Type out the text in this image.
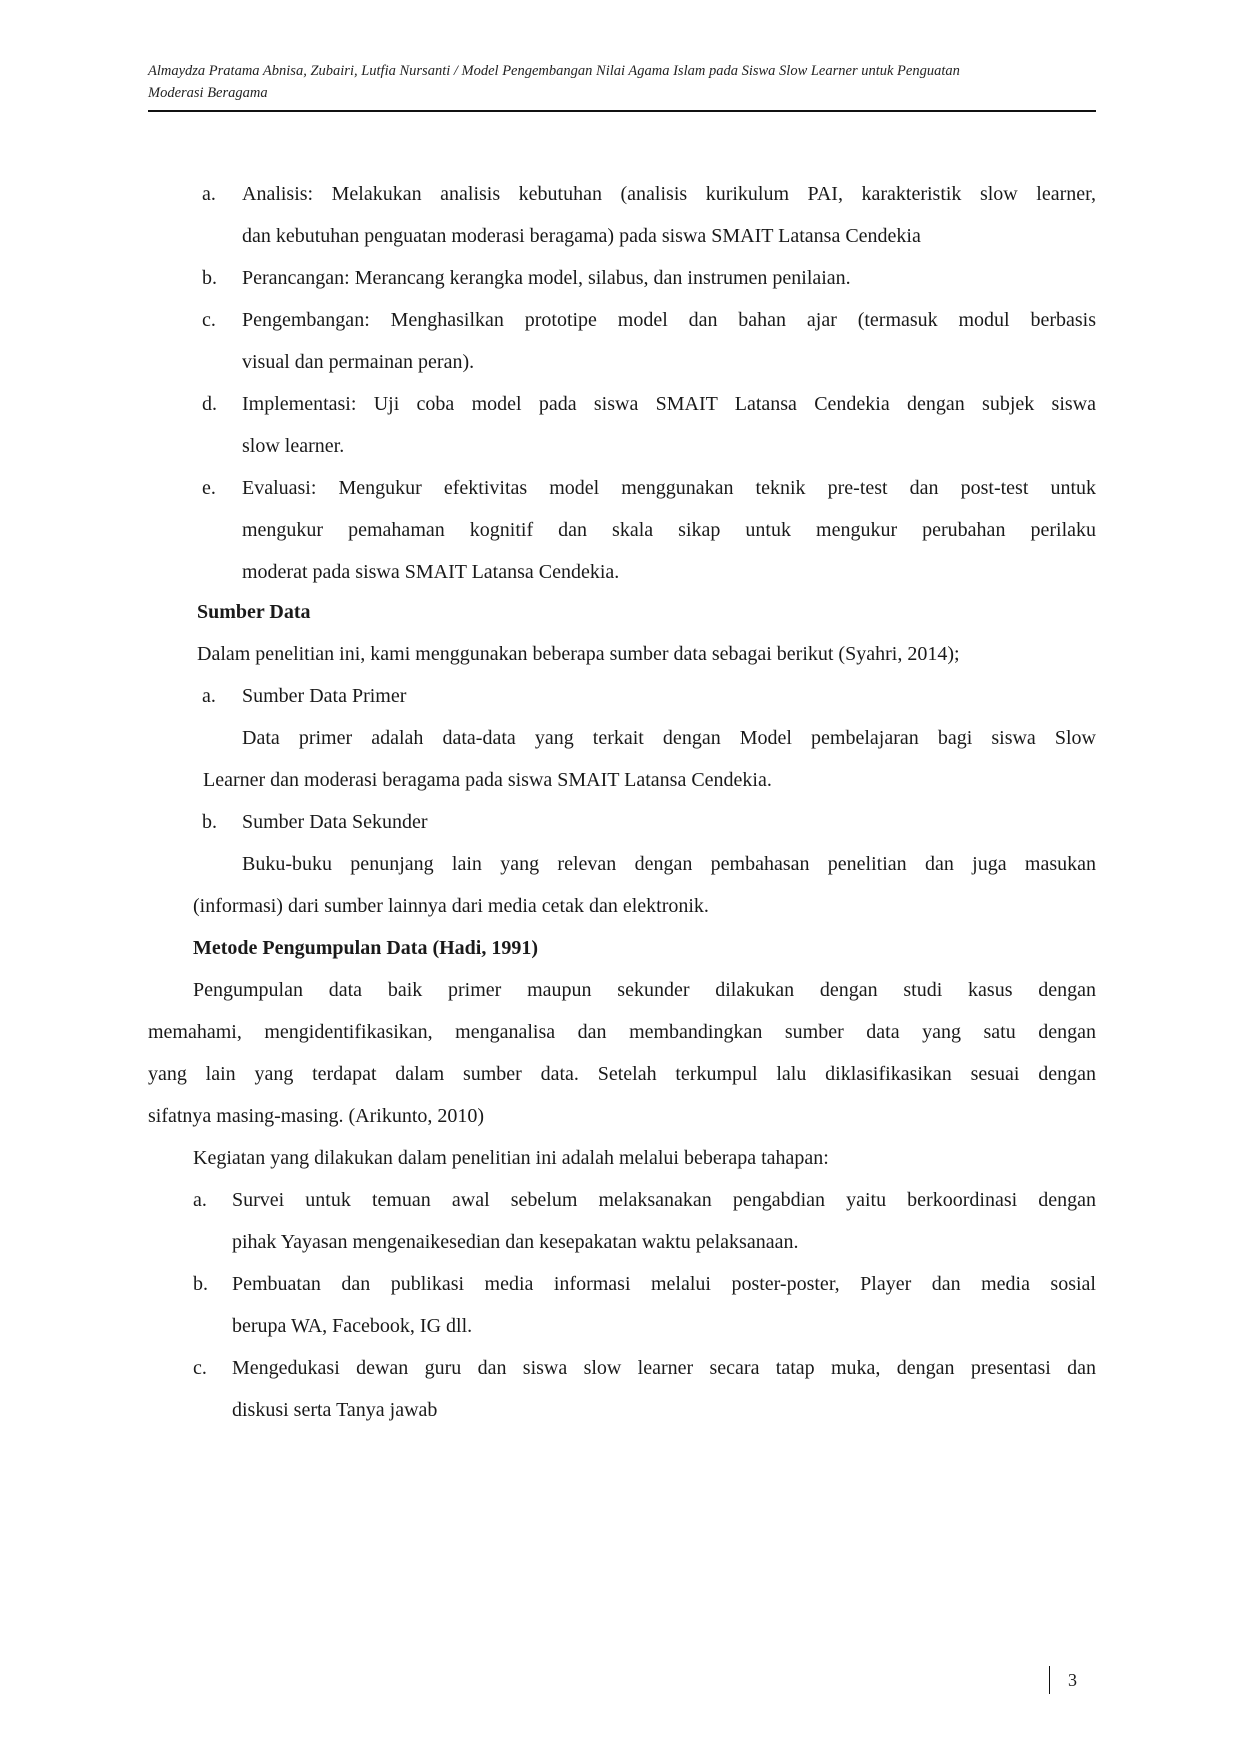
Almaydza Pratama Abnisa, Zubairi, Lutfia Nursanti / Model Pengembangan Nilai Agama Islam pada Siswa Slow Learner untuk Penguatan
Moderasi Beragama
a. Analisis: Melakukan analisis kebutuhan (analisis kurikulum PAI, karakteristik slow learner,
dan kebutuhan penguatan moderasi beragama) pada siswa SMAIT Latansa Cendekia
b. Perancangan: Merancang kerangka model, silabus, dan instrumen penilaian.
c. Pengembangan: Menghasilkan prototipe model dan bahan ajar (termasuk modul berbasis
visual dan permainan peran).
d. Implementasi: Uji coba model pada siswa SMAIT Latansa Cendekia dengan subjek siswa
slow learner.
e. Evaluasi: Mengukur efektivitas model menggunakan teknik pre-test dan post-test untuk
mengukur pemahaman kognitif dan skala sikap untuk mengukur perubahan perilaku
moderat pada siswa SMAIT Latansa Cendekia.
Sumber Data
Dalam penelitian ini, kami menggunakan beberapa sumber data sebagai berikut (Syahri, 2014);
a. Sumber Data Primer
Data primer adalah data-data yang terkait dengan Model pembelajaran bagi siswa Slow
Learner dan moderasi beragama pada siswa SMAIT Latansa Cendekia.
b. Sumber Data Sekunder
Buku-buku penunjang lain yang relevan dengan pembahasan penelitian dan juga masukan
(informasi) dari sumber lainnya dari media cetak dan elektronik.
Metode Pengumpulan Data (Hadi, 1991)
Pengumpulan data baik primer maupun sekunder dilakukan dengan studi kasus dengan
memahami, mengidentifikasikan, menganalisa dan membandingkan sumber data yang satu dengan
yang lain yang terdapat dalam sumber data. Setelah terkumpul lalu diklasifikasikan sesuai dengan
sifatnya masing-masing. (Arikunto, 2010)
Kegiatan yang dilakukan dalam penelitian ini adalah melalui beberapa tahapan:
a. Survei untuk temuan awal sebelum melaksanakan pengabdian yaitu berkoordinasi dengan
pihak Yayasan mengenaikesedian dan kesepakatan waktu pelaksanaan.
b. Pembuatan dan publikasi media informasi melalui poster-poster, Player dan media sosial
berupa WA, Facebook, IG dll.
c. Mengedukasi dewan guru dan siswa slow learner secara tatap muka, dengan presentasi dan
diskusi serta Tanya jawab
3
